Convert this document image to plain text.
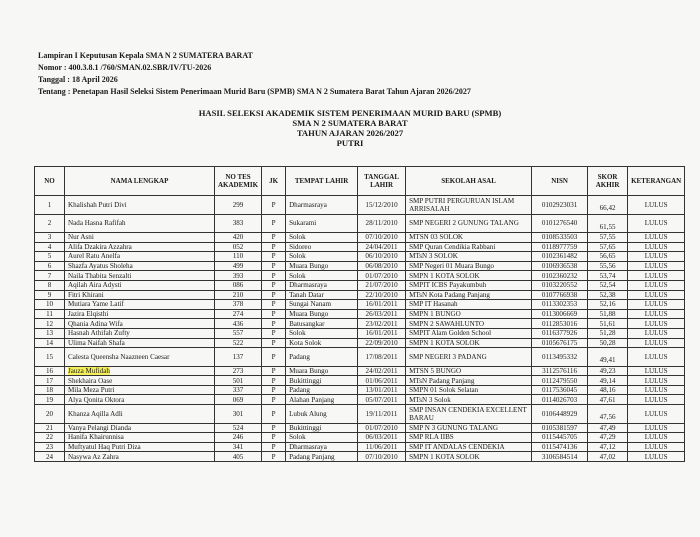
Lampiran I Keputusan Kepala SMA N 2 SUMATERA BARAT
Nomor : 400.3.8.1 /760/SMAN.02.SBR/IV/TU-2026
Tanggal : 18 April 2026
Tentang : Penetapan Hasil Seleksi Sistem Penerimaan Murid Baru (SPMB) SMA N 2 Sumatera Barat Tahun Ajaran 2026/2027
HASIL SELEKSI AKADEMIK SISTEM PENERIMAAN MURID BARU (SPMB)
SMA N 2 SUMATERA BARAT
TAHUN AJARAN 2026/2027
PUTRI
NO	NAMA LENGKAP	NO TES AKADEMIK	JK	TEMPAT LAHIR	TANGGAL LAHIR	SEKOLAH ASAL	NISN	SKOR AKHIR	KETERANGAN
1	Khalishah Putri Divi	299	P	Dharmasraya	15/12/2010	SMP PUTRI PERGURUAN ISLAM ARRISALAH	0102923031	66,42	LULUS
2	Nada Hasna Rafifah	383	P	Sukarami	28/11/2010	SMP NEGERI 2 GUNUNG TALANG	0101276540	61,55	LULUS
3	Nur Asni	420	P	Solok	07/10/2010	MTSN 03 SOLOK	0108533503	57,55	LULUS
4	Alifa Dzakira Azzahra	052	P	Sidoreo	24/04/2011	SMP Quran Cendikia Rabbani	0118977759	57,65	LULUS
5	Aurel Ratu Anelfa	110	P	Solok	06/10/2010	MTsN 3 SOLOK	0102361482	56,65	LULUS
6	Shazfa Ayatus Sholeha	499	P	Muara Bungo	06/08/2010	SMP Negeri 01 Muara Bungo	0106936538	55,56	LULUS
7	Naila Thabita Senzalti	393	P	Solok	01/07/2010	SMPN 1 KOTA SOLOK	0102360232	53,74	LULUS
8	Aqilah Aira Adysti	086	P	Dharmasraya	21/07/2010	SMPIT ICBS Payakumbuh	0103220552	52,54	LULUS
9	Fitri Khirani	210	P	Tanah Datar	22/10/2010	MTsN Kota Padang Panjang	0107766938	52,38	LULUS
10	Mutiara Yame Latif	378	P	Sungai Nanam	16/01/2011	SMP IT Hasanah	0113302353	52,16	LULUS
11	Jazira Elqisthi	274	P	Muara Bungo	26/03/2011	SMPN 1 BUNGO	0113006669	51,88	LULUS
12	Qhania Adina Wifa	436	P	Batusangkar	23/02/2011	SMPN 2 SAWAHLUNTO	0112853016	51,61	LULUS
13	Hasnah Athifah Zufty	557	P	Solok	16/01/2011	SMPIT Alam Golden School	0116377926	51,28	LULUS
14	Ulima Naifah Shafa	522	P	Kota Solok	22/09/2010	SMPN 1 KOTA SOLOK	0105676175	50,28	LULUS
15	Calesta Queensha Naazneen Caesar	137	P	Padang	17/08/2011	SMP NEGERI 3 PADANG	0113495332	49,41	LULUS
16	Jauza Mufidah	273	P	Muara Bungo	24/02/2011	MTSN 5 BUNGO	3112576116	49,23	LULUS
17	Shekhaira Oase	501	P	Bukittinggi	01/06/2011	MTsN Padang Panjang	0112479550	49,14	LULUS
18	Mila Meza Putri	337	P	Padang	13/01/2011	SMPN 01 Solok Selatan	0117536045	48,16	LULUS
19	Alya Qonita Oktora	069	P	Alahan Panjang	05/07/2011	MTsN 3 Solok	0114026703	47,61	LULUS
20	Khanza Aqilla Adli	301	P	Lubuk Alung	19/11/2011	SMP INSAN CENDEKIA EXCELLENT BARAU	0106448929	47,56	LULUS
21	Vanya Pelangi Dianda	524	P	Bukittinggi	01/07/2010	SMP N 3 GUNUNG TALANG	0105381597	47,49	LULUS
22	Hanifa Khairunnisa	246	P	Solok	06/03/2011	SMP RLA IIBS	0115445705	47,29	LULUS
23	Muftyatul Haq Putri Diza	341	P	Dharmasraya	11/06/2011	SMP IT ANDALAS CENDEKIA	0115474136	47,12	LULUS
24	Nasywa Az Zahra	405	P	Padang Panjang	07/10/2010	SMPN 1 KOTA SOLOK	3106584514	47,02	LULUS
